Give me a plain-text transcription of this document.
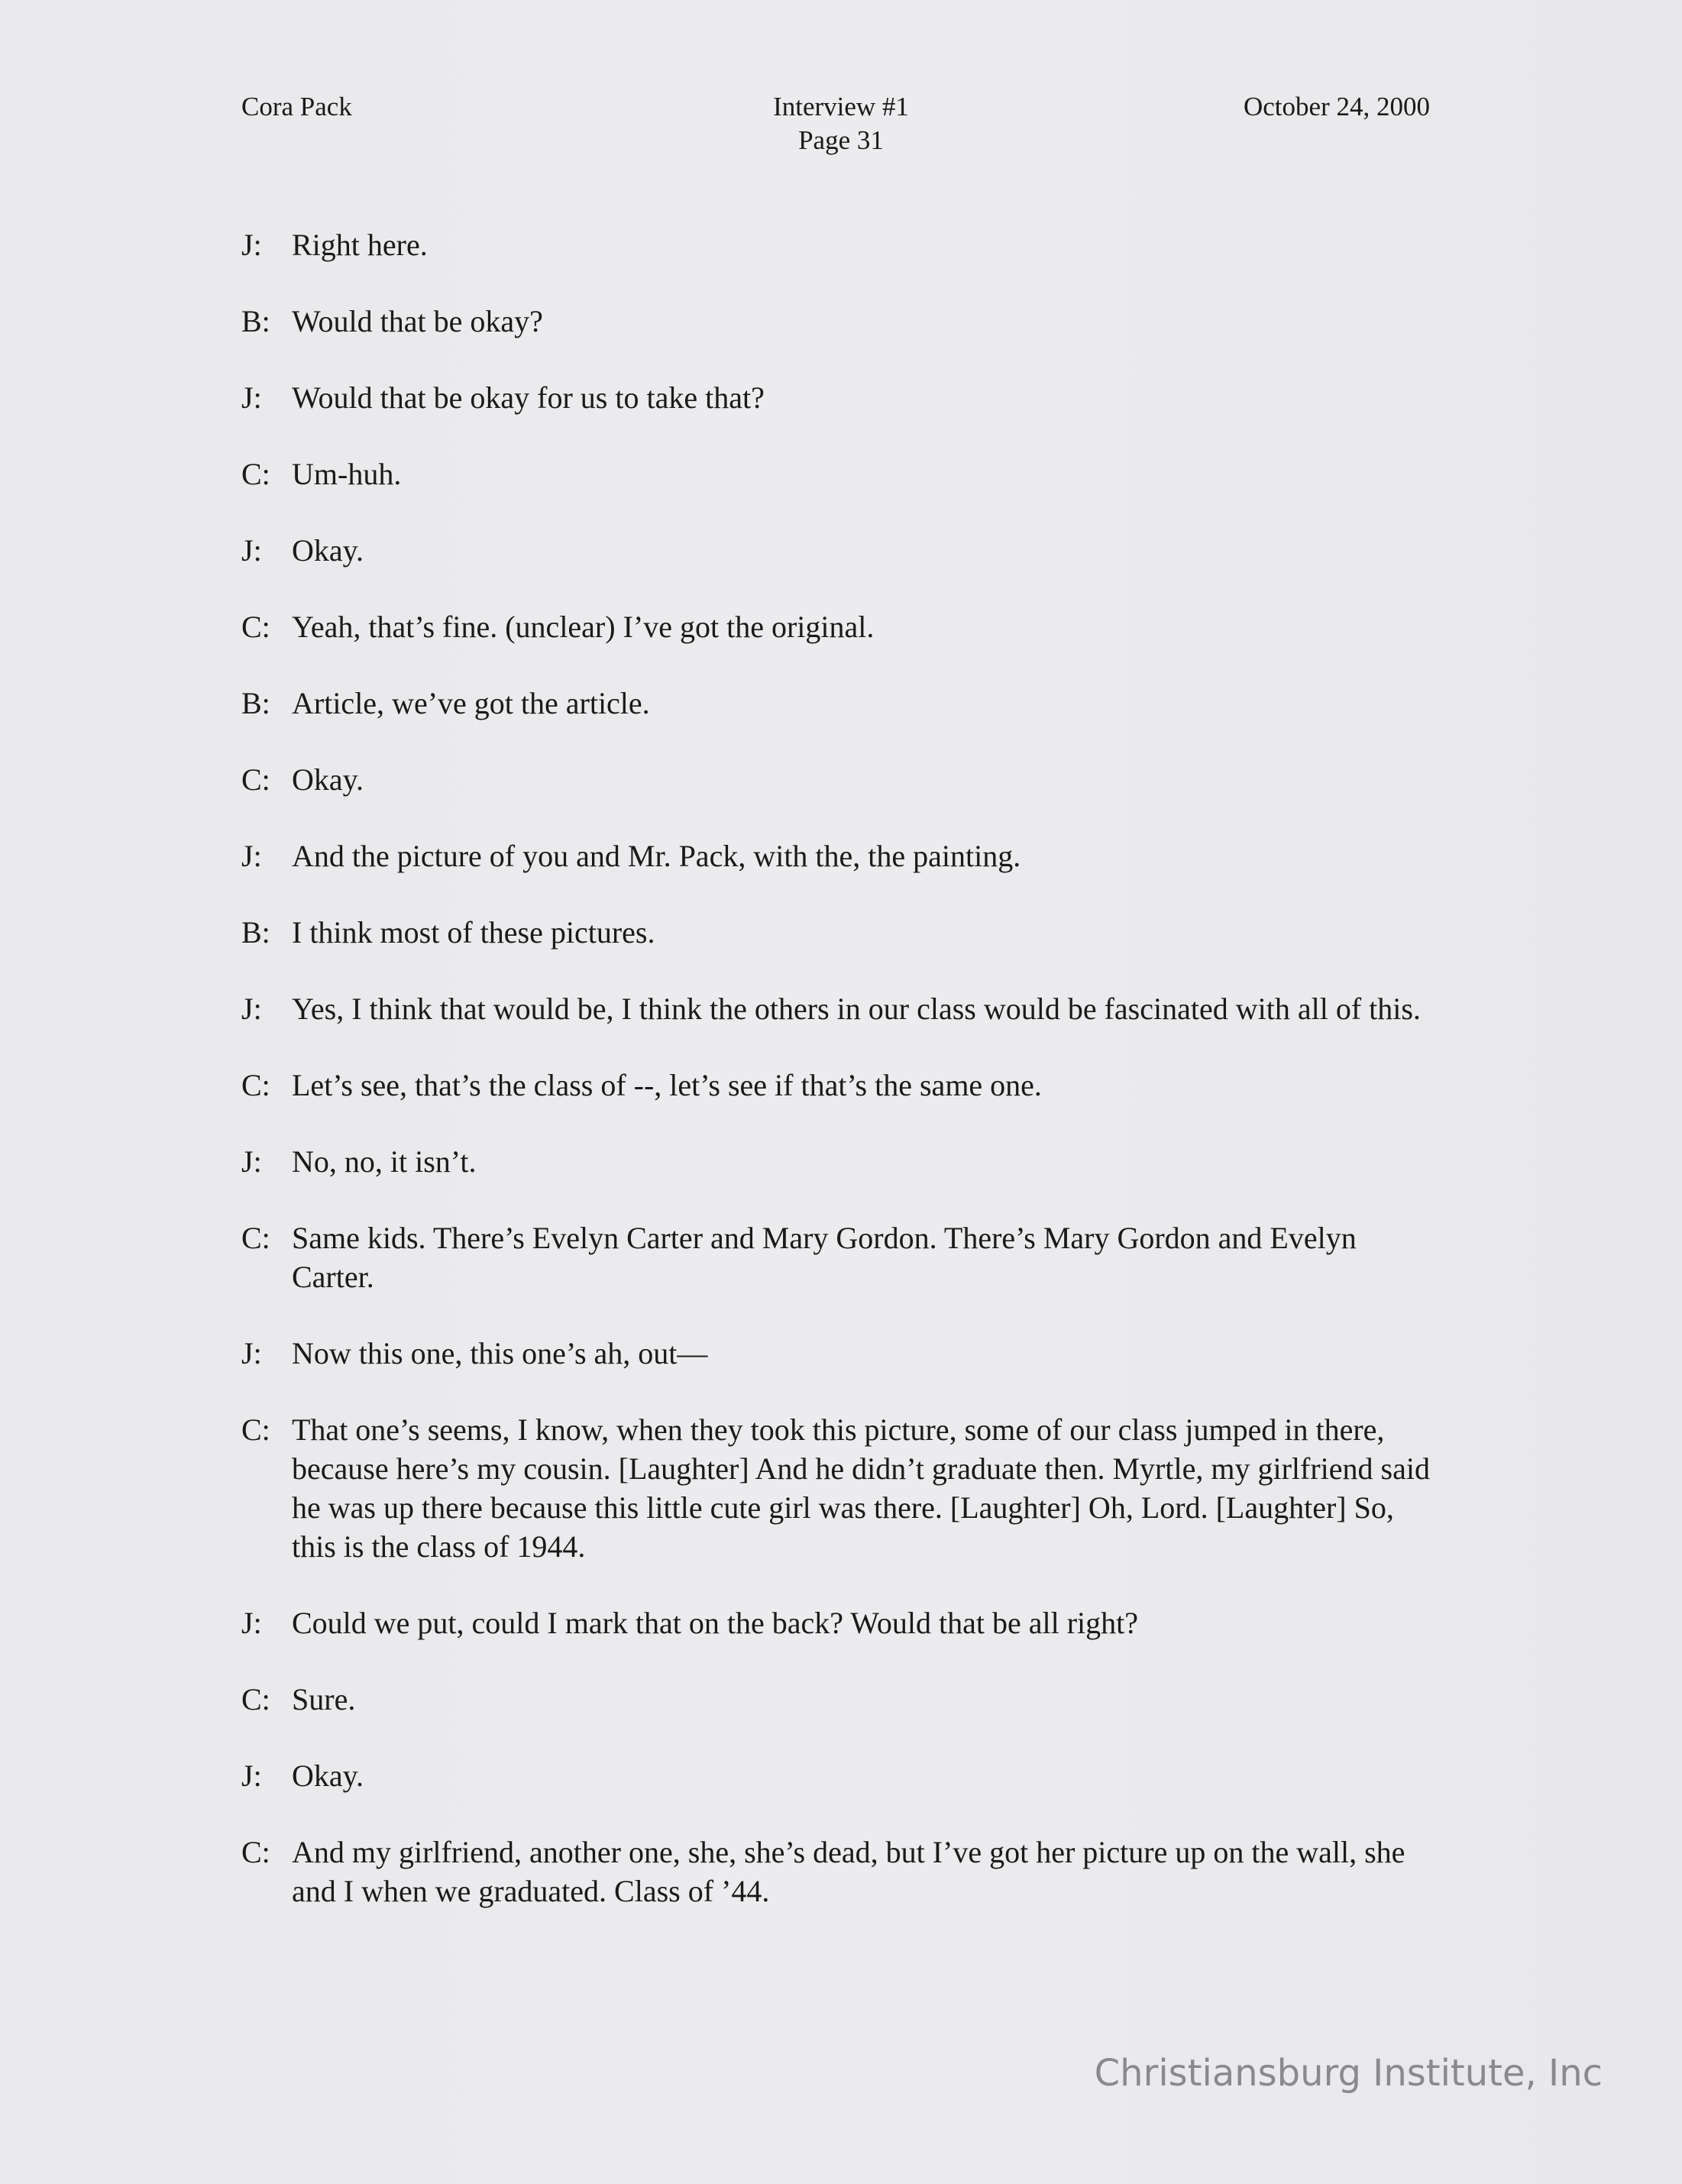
Cora Pack	Interview #1
Page 31
October 24, 2000
J: Right here.
B: Would that be okay?
J: Would that be okay for us to take that?
C: Um-huh.
J: Okay.
C: Yeah, that’s fine. (unclear) I’ve got the original.
B: Article, we’ve got the article.
C: Okay.
J: And the picture of you and Mr. Pack, with the, the painting.
B: I think most of these pictures.
J: Yes, I think that would be, I think the others in our class would be fascinated with all of this.
C: Let’s see, that’s the class of --, let’s see if that’s the same one.
J: No, no, it isn’t.
C: Same kids. There’s Evelyn Carter and Mary Gordon. There’s Mary Gordon and Evelyn Carter.
J: Now this one, this one’s ah, out—
C: That one’s seems, I know, when they took this picture, some of our class jumped in there, because here’s my cousin. [Laughter] And he didn’t graduate then. Myrtle, my girlfriend said he was up there because this little cute girl was there. [Laughter] Oh, Lord. [Laughter] So, this is the class of 1944.
J: Could we put, could I mark that on the back? Would that be all right?
C: Sure.
J: Okay.
C: And my girlfriend, another one, she, she’s dead, but I’ve got her picture up on the wall, she and I when we graduated. Class of ’44.
Christiansburg Institute, Inc
